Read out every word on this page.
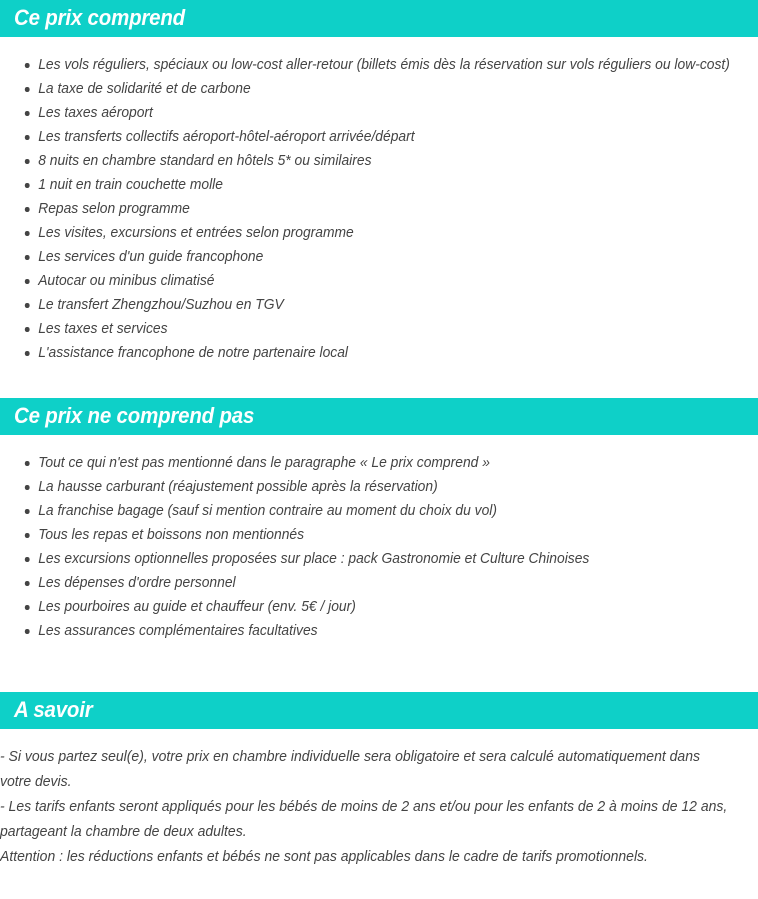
Ce prix comprend
Les vols réguliers, spéciaux ou low-cost aller-retour (billets émis dès la réservation sur vols réguliers ou low-cost)
La taxe de solidarité et de carbone
Les taxes aéroport
Les transferts collectifs aéroport-hôtel-aéroport arrivée/départ
8 nuits en chambre standard en hôtels 5* ou similaires
1 nuit en train couchette molle
Repas selon programme
Les visites, excursions et entrées selon programme
Les services d'un guide francophone
Autocar ou minibus climatisé
Le transfert Zhengzhou/Suzhou en TGV
Les taxes et services
L'assistance francophone de notre partenaire local
Ce prix ne comprend pas
Tout ce qui n'est pas mentionné dans le paragraphe « Le prix comprend »
La hausse carburant (réajustement possible après la réservation)
La franchise bagage (sauf si mention contraire au moment du choix du vol)
Tous les repas et boissons non mentionnés
Les excursions optionnelles proposées sur place : pack Gastronomie et Culture Chinoises
Les dépenses d'ordre personnel
Les pourboires au guide et chauffeur (env. 5€ / jour)
Les assurances complémentaires facultatives
A savoir

- Si vous partez seul(e), votre prix en chambre individuelle sera obligatoire et sera calculé automatiquement dans votre devis.

- Les tarifs enfants seront appliqués pour les bébés de moins de 2 ans et/ou pour les enfants de 2 à moins de 12 ans, partageant la chambre de deux adultes.

Attention : les réductions enfants et bébés ne sont pas applicables dans le cadre de tarifs promotionnels.
